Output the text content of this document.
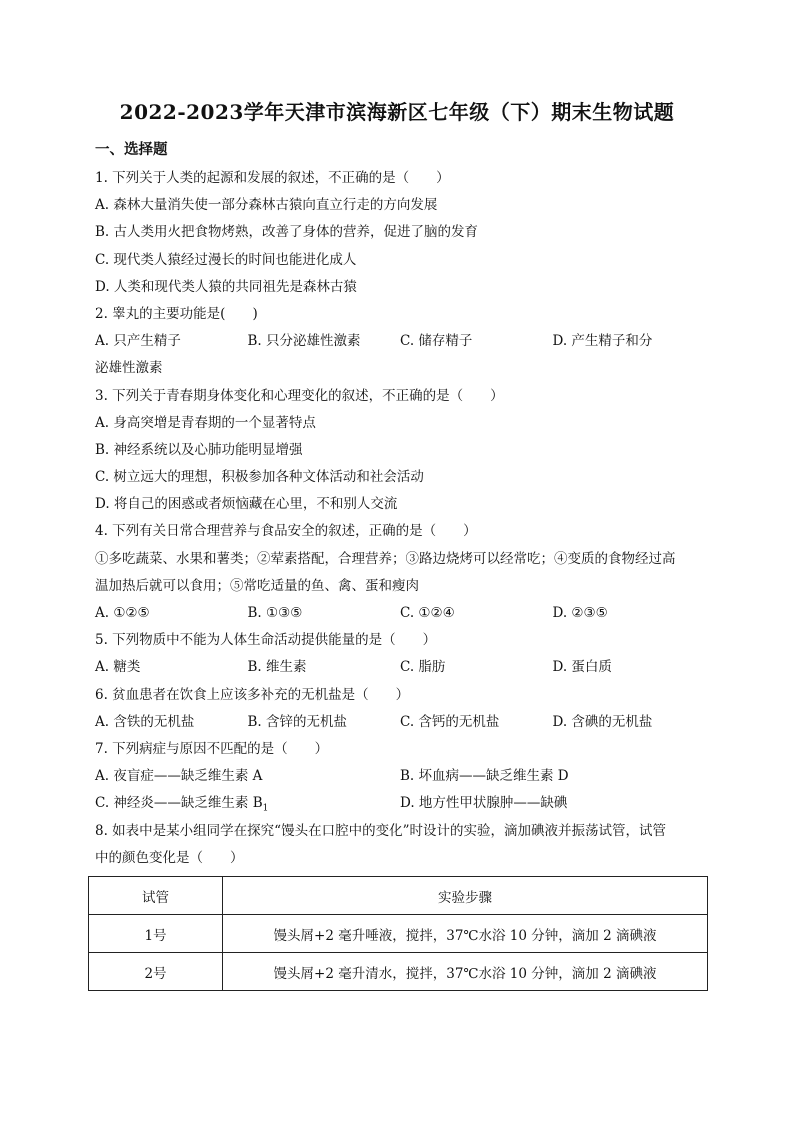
2022-2023学年天津市滨海新区七年级（下）期末生物试题
一、选择题
1. 下列关于人类的起源和发展的叙述，不正确的是（　　）
A. 森林大量消失使一部分森林古猿向直立行走的方向发展
B. 古人类用火把食物烤熟，改善了身体的营养，促进了脑的发育
C. 现代类人猿经过漫长的时间也能进化成人
D. 人类和现代类人猿的共同祖先是森林古猿
2. 睾丸的主要功能是(　　)
A. 只产生精子	B. 只分泌雄性激素	C. 储存精子	D. 产生精子和分
泌雄性激素
3. 下列关于青春期身体变化和心理变化的叙述，不正确的是（　　）
A. 身高突增是青春期的一个显著特点
B. 神经系统以及心肺功能明显增强
C. 树立远大的理想，积极参加各种文体活动和社会活动
D. 将自己的困惑或者烦恼藏在心里，不和别人交流
4. 下列有关日常合理营养与食品安全的叙述，正确的是（　　）
①多吃蔬菜、水果和薯类；②荤素搭配，合理营养；③路边烧烤可以经常吃；④变质的食物经过高
温加热后就可以食用；⑤常吃适量的鱼、禽、蛋和瘦肉
A. ①②⑤	B. ①③⑤	C. ①②④	D. ②③⑤
5. 下列物质中不能为人体生命活动提供能量的是（　　）
A. 糖类	B. 维生素	C. 脂肪	D. 蛋白质
6. 贫血患者在饮食上应该多补充的无机盐是（　　）
A. 含铁的无机盐	B. 含锌的无机盐	C. 含钙的无机盐	D. 含碘的无机盐
7. 下列病症与原因不匹配的是（　　）
A. 夜盲症——缺乏维生素 A	B. 坏血病——缺乏维生素 D
C. 神经炎——缺乏维生素 $B_1$	D. 地方性甲状腺肿——缺碘
8. 如表中是某小组同学在探究“馒头在口腔中的变化”时设计的实验，滴加碘液并振荡试管，试管
中的颜色变化是（　　）
试管	实验步骤
1号	馒头屑+2 毫升唾液，搅拌，37℃水浴 10 分钟，滴加 2 滴碘液
2号	馒头屑+2 毫升清水，搅拌，37℃水浴 10 分钟，滴加 2 滴碘液
